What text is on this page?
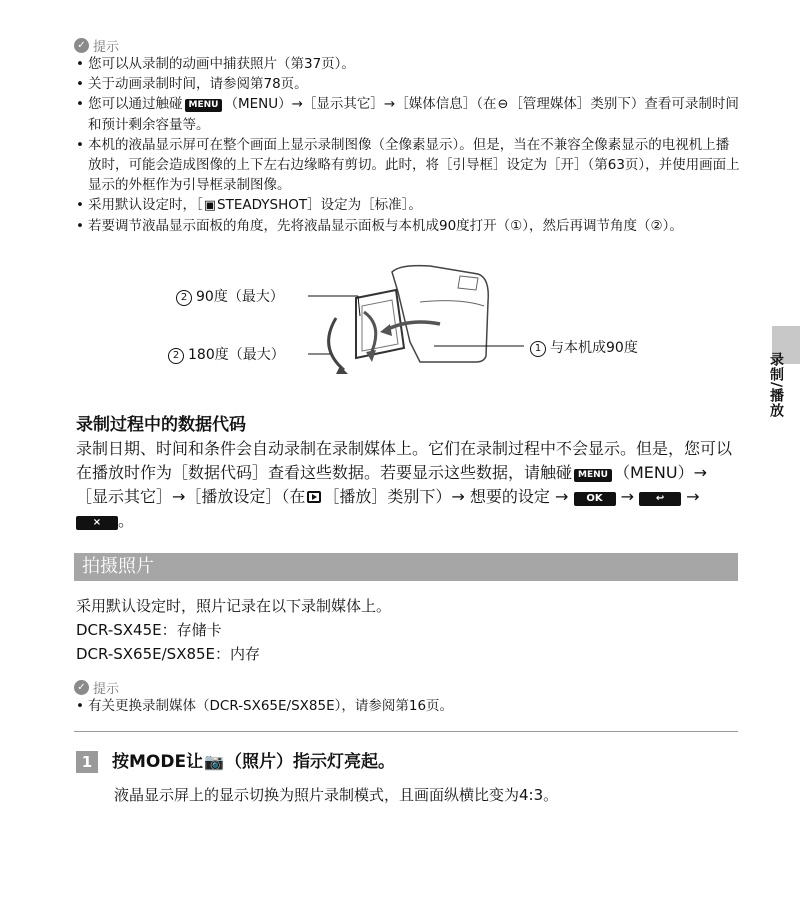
✓ 提示

• 您可以从录制的动画中捕获照片（第37页）。

• 关于动画录制时间，请参阅第78页。

• 您可以通过触碰 MENU （MENU）→［显示其它］→［媒体信息］（在⊖［管理媒体］类别下）查看可录制时间和预计剩余容量等。

• 本机的液晶显示屏可在整个画面上显示录制图像（全像素显示）。但是，当在不兼容全像素显示的电视机上播放时，可能会造成图像的上下左右边缘略有剪切。此时，将［引导框］设定为［开］（第63页），并使用画面上显示的外框作为引导框录制图像。

• 采用默认设定时，［▣STEADYSHOT］设定为［标准］。

• 若要调节液晶显示面板的角度，先将液晶显示面板与本机成90度打开（①），然后再调节角度（②）。

2 90度（最大）
2 180度（最大）	1 与本机成90度
录制/播放
录制过程中的数据代码

录制日期、时间和条件会自动录制在录制媒体上。它们在录制过程中不会显示。但是，您可以在播放时作为［数据代码］查看这些数据。若要显示这些数据，请触碰 MENU （MENU）→［显示其它］→［播放设定］（在 ［播放］类别下）→ 想要的设定 → OK → ↩ → × 。

拍摄照片

采用默认设定时，照片记录在以下录制媒体上。

DCR-SX45E：存储卡

DCR-SX65E/SX85E：内存

✓ 提示

• 有关更换录制媒体（DCR-SX65E/SX85E），请参阅第16页。

1	按MODE让📷（照片）指示灯亮起。
液晶显示屏上的显示切换为照片录制模式，且画面纵横比变为4:3。
